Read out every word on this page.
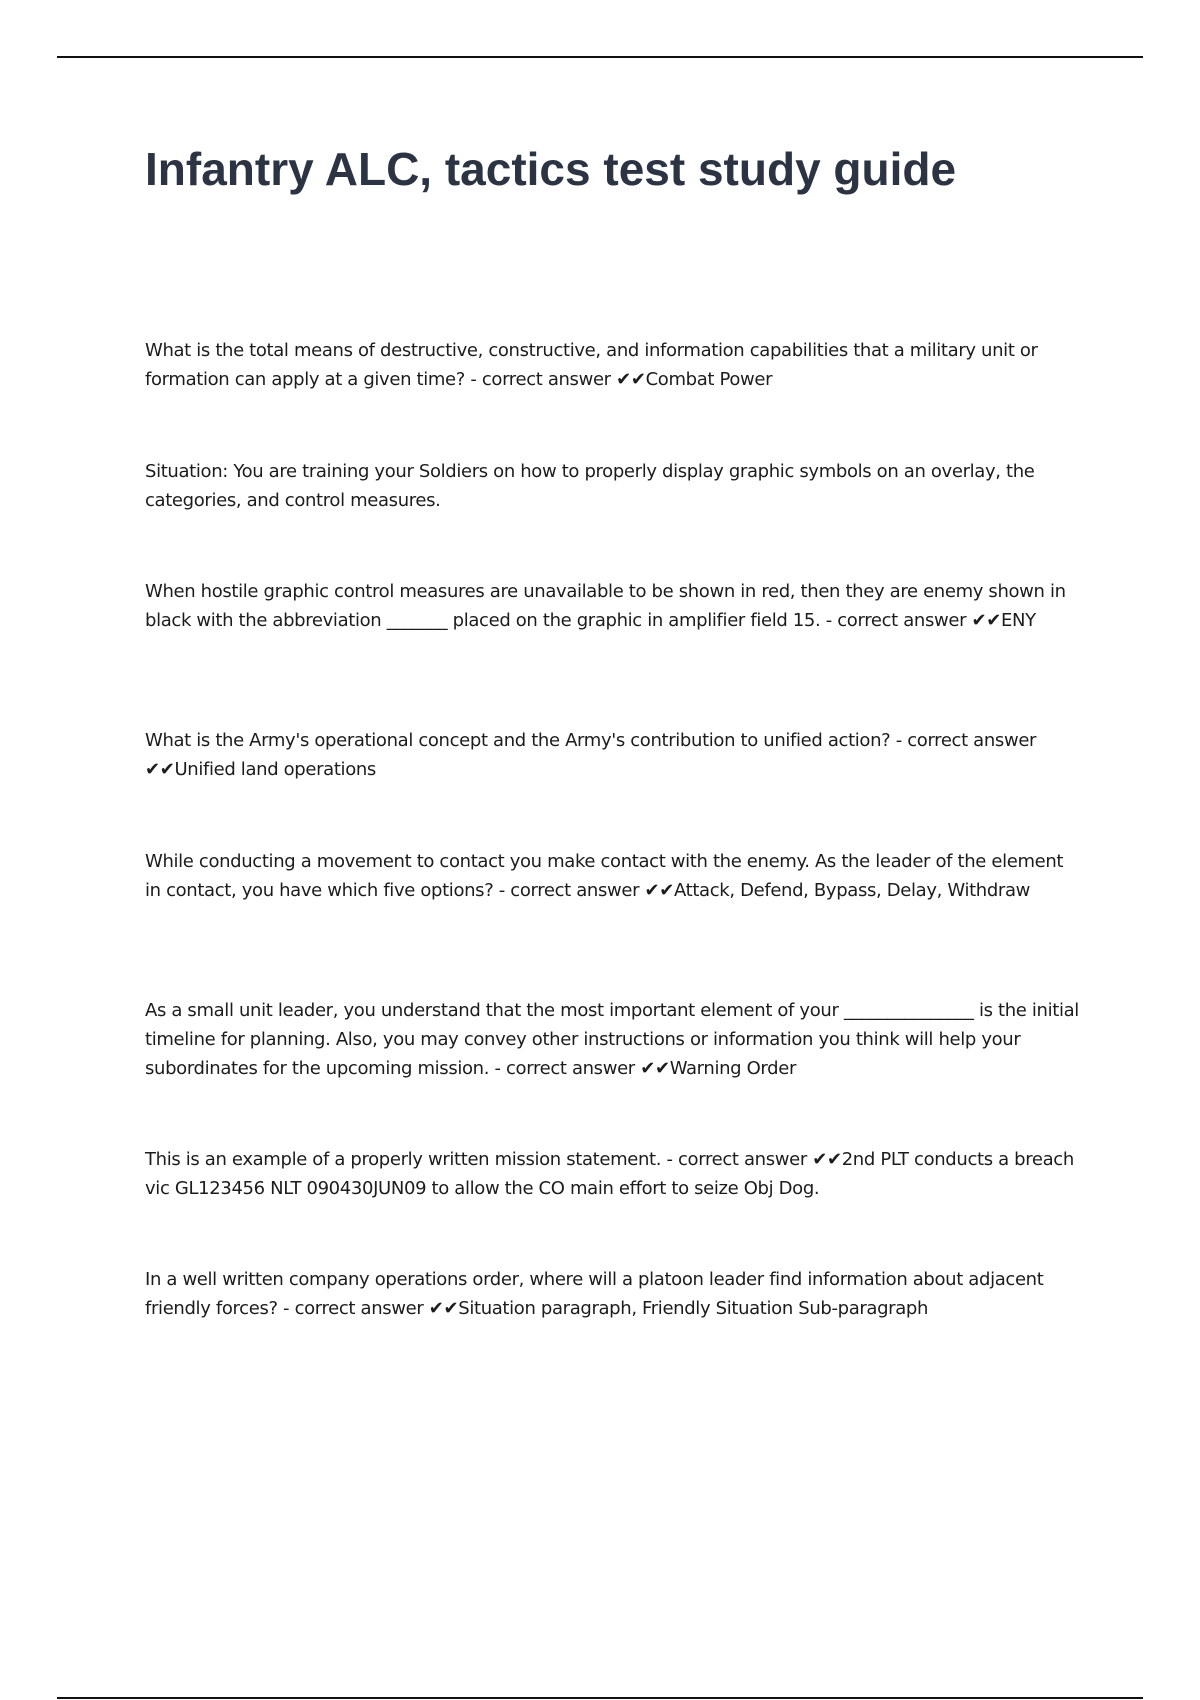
Infantry ALC, tactics test study guide

What is the total means of destructive, constructive, and information capabilities that a military unit or formation can apply at a given time? - correct answer ✔✔Combat Power

Situation: You are training your Soldiers on how to properly display graphic symbols on an overlay, the categories, and control measures.

When hostile graphic control measures are unavailable to be shown in red, then they are enemy shown in black with the abbreviation _______ placed on the graphic in amplifier field 15. - correct answer ✔✔ENY

What is the Army's operational concept and the Army's contribution to unified action? - correct answer ✔✔Unified land operations

While conducting a movement to contact you make contact with the enemy. As the leader of the element in contact, you have which five options? - correct answer ✔✔Attack, Defend, Bypass, Delay, Withdraw

As a small unit leader, you understand that the most important element of your _______________ is the initial timeline for planning. Also, you may convey other instructions or information you think will help your subordinates for the upcoming mission. - correct answer ✔✔Warning Order

This is an example of a properly written mission statement. - correct answer ✔✔2nd PLT conducts a breach vic GL123456 NLT 090430JUN09 to allow the CO main effort to seize Obj Dog.

In a well written company operations order, where will a platoon leader find information about adjacent friendly forces? - correct answer ✔✔Situation paragraph, Friendly Situation Sub-paragraph
